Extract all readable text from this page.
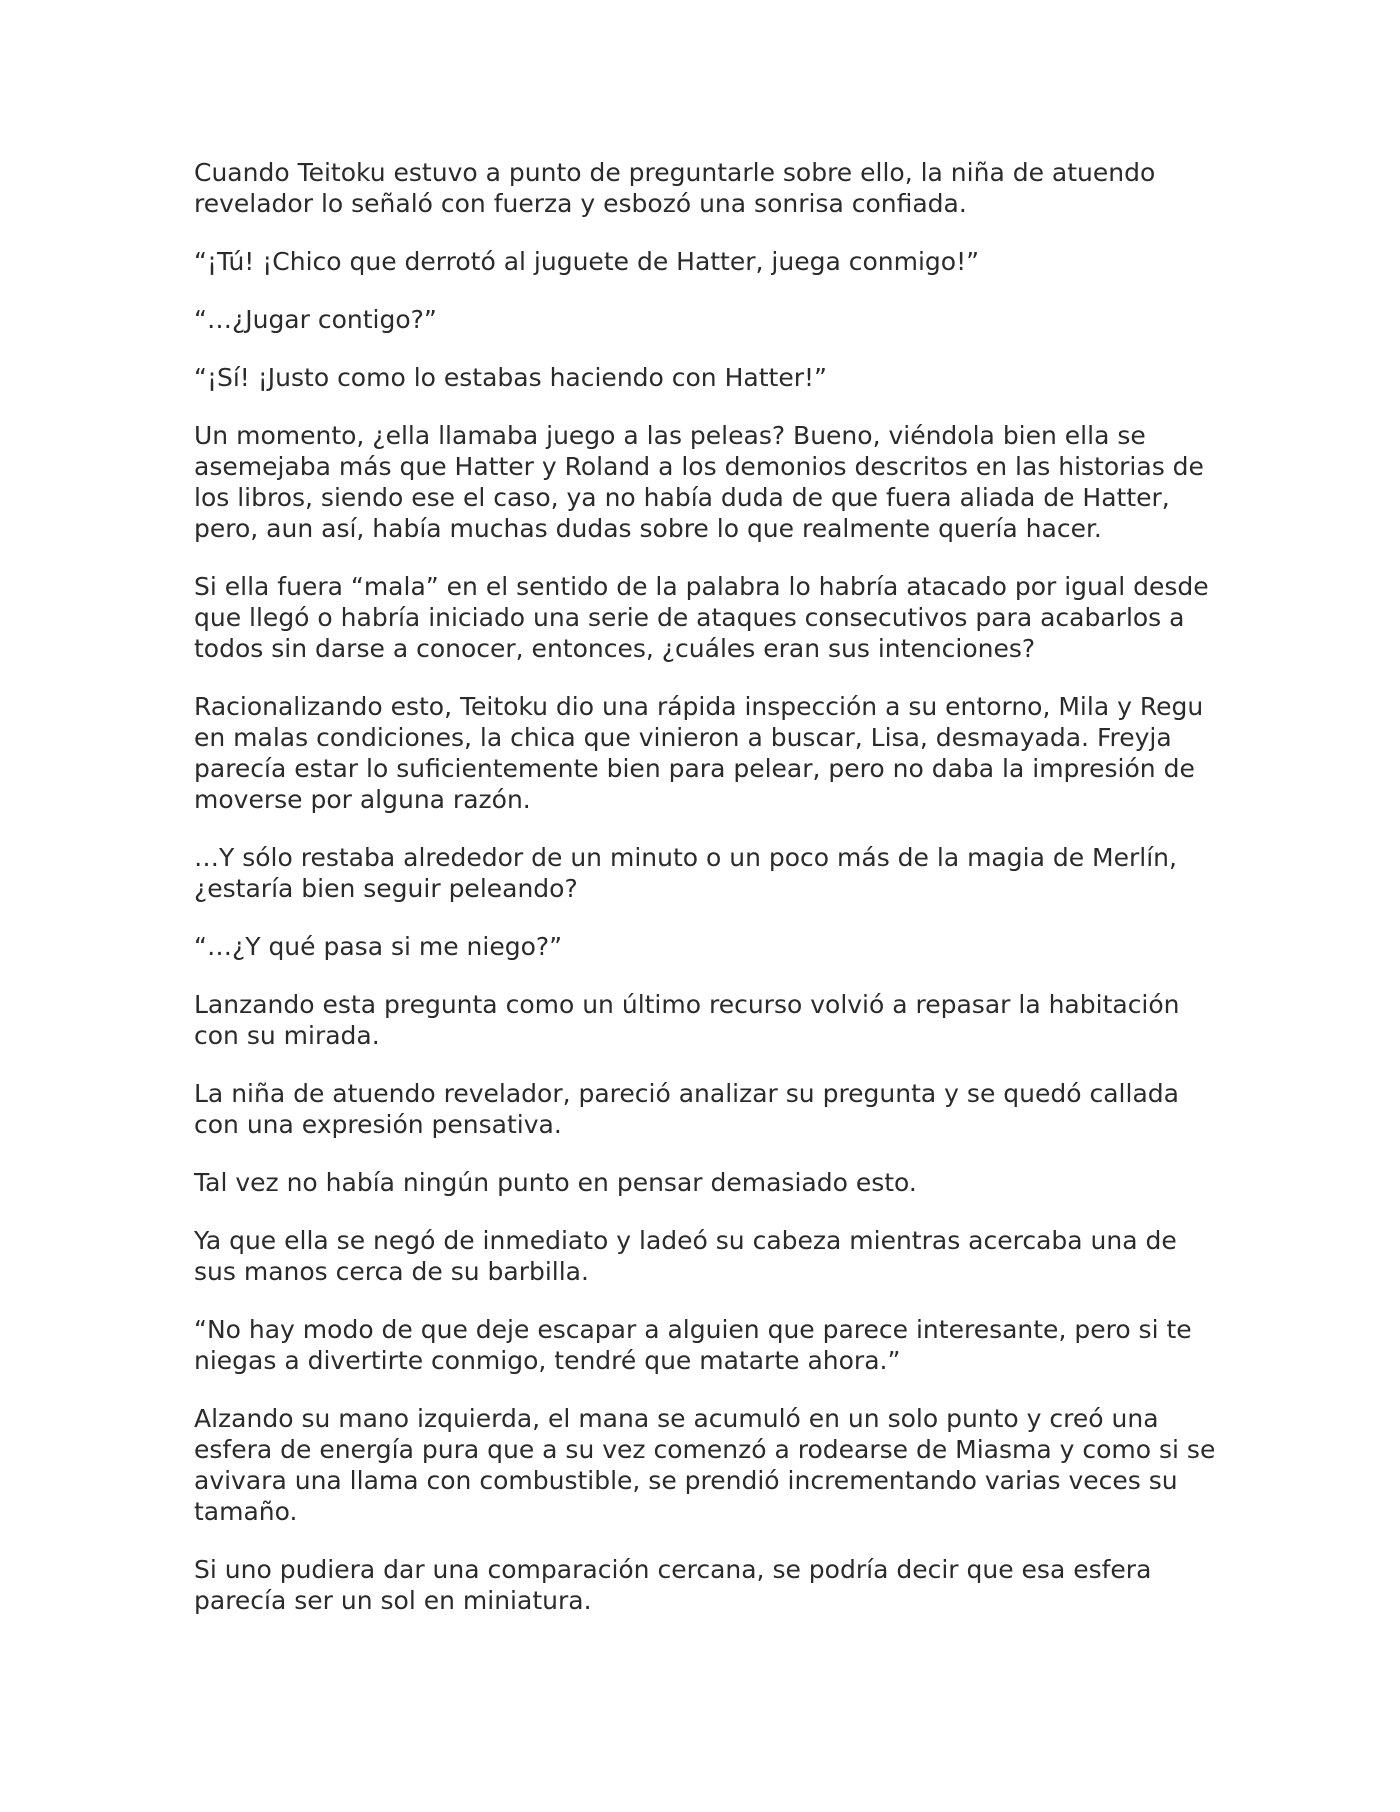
Cuando Teitoku estuvo a punto de preguntarle sobre ello, la niña de atuendo revelador lo señaló con fuerza y esbozó una sonrisa confiada.

“¡Tú! ¡Chico que derrotó al juguete de Hatter, juega conmigo!”

“…¿Jugar contigo?”

“¡Sí! ¡Justo como lo estabas haciendo con Hatter!”

Un momento, ¿ella llamaba juego a las peleas? Bueno, viéndola bien ella se asemejaba más que Hatter y Roland a los demonios descritos en las historias de los libros, siendo ese el caso, ya no había duda de que fuera aliada de Hatter, pero, aun así, había muchas dudas sobre lo que realmente quería hacer.

Si ella fuera “mala” en el sentido de la palabra lo habría atacado por igual desde que llegó o habría iniciado una serie de ataques consecutivos para acabarlos a todos sin darse a conocer, entonces, ¿cuáles eran sus intenciones?

Racionalizando esto, Teitoku dio una rápida inspección a su entorno, Mila y Regu en malas condiciones, la chica que vinieron a buscar, Lisa, desmayada. Freyja parecía estar lo suficientemente bien para pelear, pero no daba la impresión de moverse por alguna razón.

…Y sólo restaba alrededor de un minuto o un poco más de la magia de Merlín, ¿estaría bien seguir peleando?

“…¿Y qué pasa si me niego?”

Lanzando esta pregunta como un último recurso volvió a repasar la habitación con su mirada.

La niña de atuendo revelador, pareció analizar su pregunta y se quedó callada con una expresión pensativa.

Tal vez no había ningún punto en pensar demasiado esto.

Ya que ella se negó de inmediato y ladeó su cabeza mientras acercaba una de sus manos cerca de su barbilla.

“No hay modo de que deje escapar a alguien que parece interesante, pero si te niegas a divertirte conmigo, tendré que matarte ahora.”

Alzando su mano izquierda, el mana se acumuló en un solo punto y creó una esfera de energía pura que a su vez comenzó a rodearse de Miasma y como si se avivara una llama con combustible, se prendió incrementando varias veces su tamaño.

Si uno pudiera dar una comparación cercana, se podría decir que esa esfera parecía ser un sol en miniatura.
